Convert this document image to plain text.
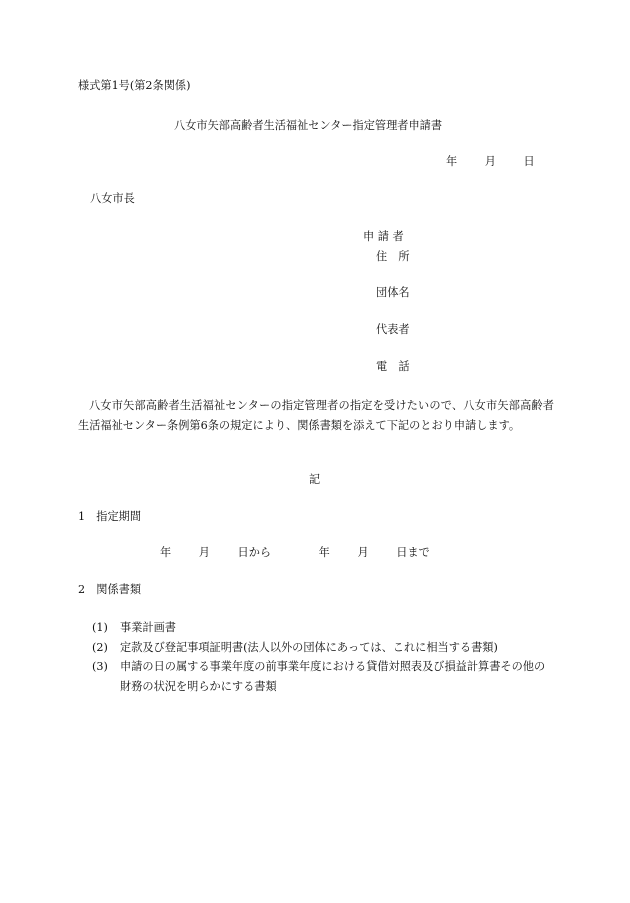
様式第1号(第2条関係)
八女市矢部高齢者生活福祉センター指定管理者申請書
年 月 日
八女市長
申 請 者
住　所
団体名
代表者
電　話
八女市矢部高齢者生活福祉センターの指定管理者の指定を受けたいので、八女市矢部高齢者生活福祉センター条例第6条の規定により、関係書類を添えて下記のとおり申請します。
記
1　指定期間
年 月 日から	年 月 日まで
2　関係書類
(1) 事業計画書
(2) 定款及び登記事項証明書(法人以外の団体にあっては、これに相当する書類)
(3) 申請の日の属する事業年度の前事業年度における貸借対照表及び損益計算書その他の財務の状況を明らかにする書類
